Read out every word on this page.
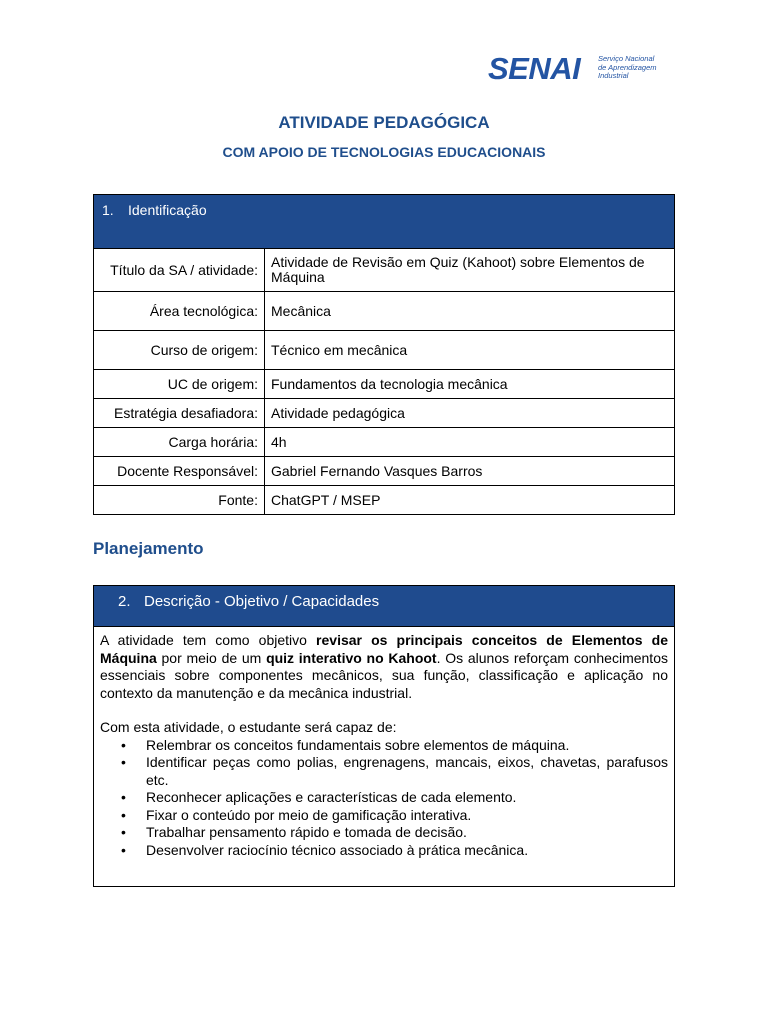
SENAI Serviço Nacional
de Aprendizagem
Industrial
ATIVIDADE PEDAGÓGICA
COM APOIO DE TECNOLOGIAS EDUCACIONAIS
1. Identificação	
Título da SA / atividade:	Atividade de Revisão em Quiz (Kahoot) sobre Elementos de Máquina
Área tecnológica:	Mecânica
Curso de origem:	Técnico em mecânica
UC de origem:	Fundamentos da tecnologia mecânica
Estratégia desafiadora:	Atividade pedagógica
Carga horária:	4h
Docente Responsável:	Gabriel Fernando Vasques Barros
Fonte:	ChatGPT / MSEP
Planejamento
2. Descrição - Objetivo / Capacidades

A atividade tem como objetivo revisar os principais conceitos de Elementos de Máquina por meio de um quiz interativo no Kahoot. Os alunos reforçam conhecimentos essenciais sobre componentes mecânicos, sua função, classificação e aplicação no contexto da manutenção e da mecânica industrial.

Com esta atividade, o estudante será capaz de:

• Relembrar os conceitos fundamentais sobre elementos de máquina.
• Identificar peças como polias, engrenagens, mancais, eixos, chavetas, parafusos etc.
• Reconhecer aplicações e características de cada elemento.
• Fixar o conteúdo por meio de gamificação interativa.
• Trabalhar pensamento rápido e tomada de decisão.
• Desenvolver raciocínio técnico associado à prática mecânica.
